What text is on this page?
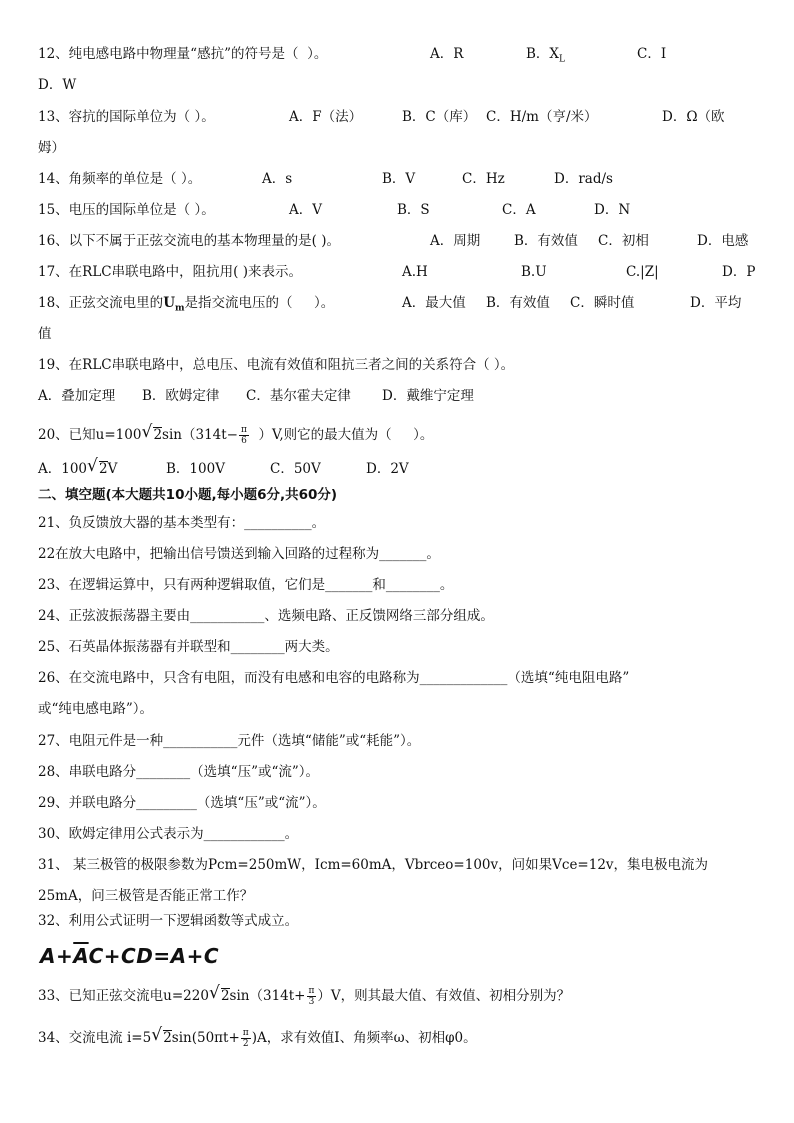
12、纯电感电路中物理量“感抗”的符号是（  ）。	A．R	B．$X_L$	C．I
D．W
13、容抗的国际单位为（ ）。	A．F（法）	B．C（库） C．H/m（亨/米）	D．Ω（欧
姆）
14、角频率的单位是（ ）。	A．s	B．V	C．Hz	D．rad/s
15、电压的国际单位是（ ）。	A．V	B．S	C．A	D．N
16、以下不属于正弦交流电的基本物理量的是( )。	A．周期	B．有效值 C．初相	D．电感
17、在RLC串联电路中，阻抗用( )来表示。	A.H	B.U	C.|Z|	D．P
18、正弦交流电里的$U_m$是指交流电压的（     ）。	A．最大值 B．有效值 C．瞬时值	D．平均
值
19、在RLC串联电路中，总电压、电流有效值和阻抗三者之间的关系符合（ ）。
A．叠加定理 B．欧姆定律 C．基尔霍夫定律 D．戴维宁定理
20、已知u=100 √ $2\sin(314t- \frac{\pi}{6} )V$,则它的最大值为（     ）。
A．100 √ 2V	B．100V	C．50V	D．2V
二、填空题(本大题共10小题,每小题6分,共60分)
21、负反馈放大器的基本类型有：__________。
22在放大电路中，把输出信号馈送到输入回路的过程称为_______。
23、在逻辑运算中，只有两种逻辑取值，它们是_______和________。
24、正弦波振荡器主要由___________、选频电路、正反馈网络三部分组成。
25、石英晶体振荡器有并联型和________两大类。
26、在交流电路中，只含有电阻，而没有电感和电容的电路称为_____________（选填“纯电阻电路”
或“纯电感电路”）。
27、电阻元件是一种___________元件（选填“储能”或“耗能”）。
28、串联电路分________（选填“压”或“流”）。
29、并联电路分_________（选填“压”或“流”）。
30、欧姆定律用公式表示为____________。
31、 某三极管的极限参数为Pcm=250mW，Icm=60mA，Vbrceo=100v，问如果Vce=12v，集电极电流为
25mA，问三极管是否能正常工作？
32、利用公式证明一下逻辑函数等式成立。
$A+\overline{A}C+CD=A+C$
33、已知正弦交流电u=220 √ $2\sin(314t+ \frac{\pi}{3} )V$，则其最大值、有效值、初相分别为？
34、交流电流 i=5 √ $2\sin(50\pi t+ \frac{\pi}{2} )A$，求有效值I、角频率ω、初相φ0。
